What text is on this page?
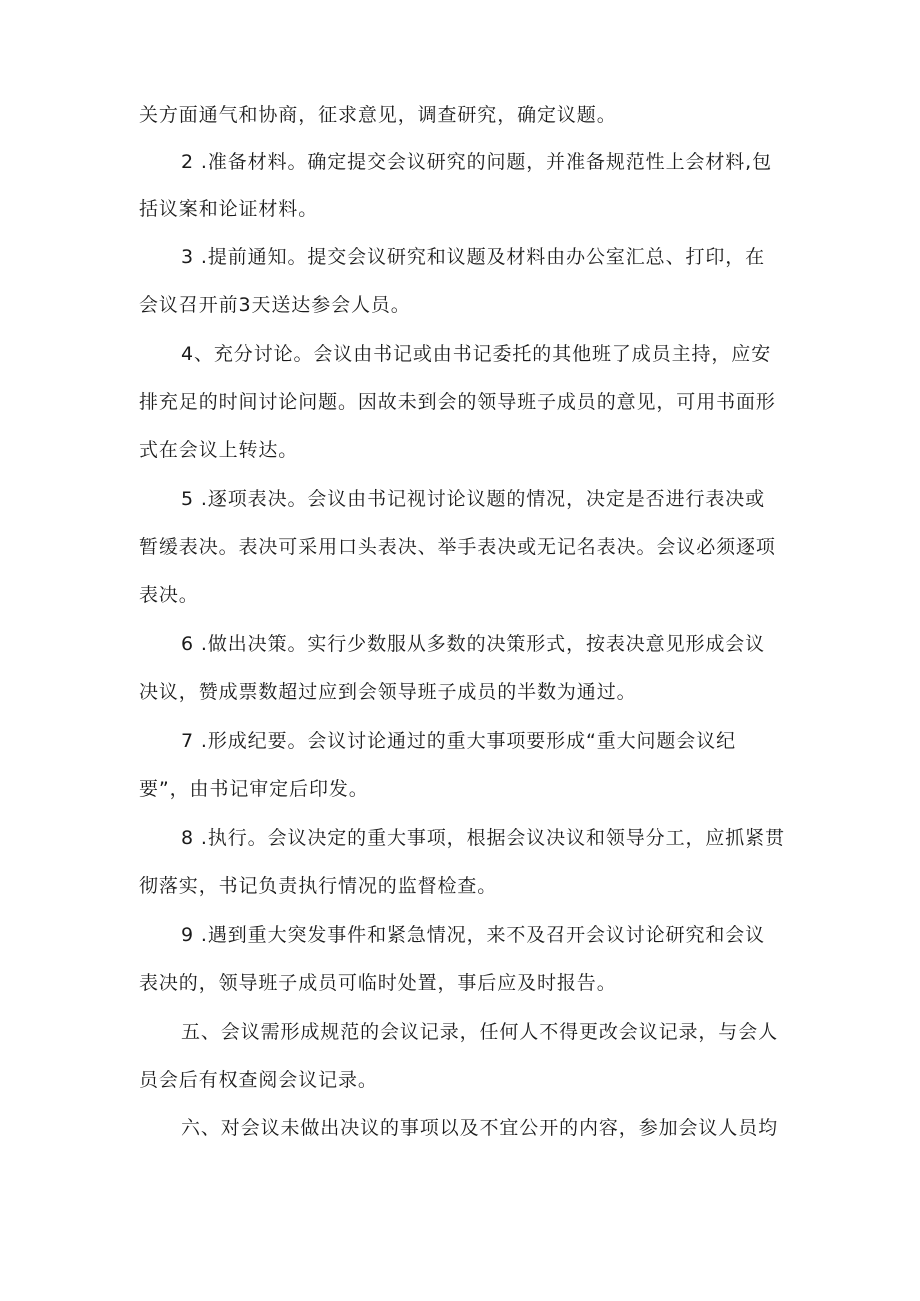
关方面通气和协商，征求意见，调查研究，确定议题。
2 .准备材料。确定提交会议研究的问题，并准备规范性上会材料,包
括议案和论证材料。
3 .提前通知。提交会议研究和议题及材料由办公室汇总、打印，在
会议召开前3天送达参会人员。
4、充分讨论。会议由书记或由书记委托的其他班了成员主持，应安
排充足的时间讨论问题。因故未到会的领导班子成员的意见，可用书面形
式在会议上转达。
5 .逐项表决。会议由书记视讨论议题的情况，决定是否进行表决或
暂缓表决。表决可采用口头表决、举手表决或无记名表决。会议必须逐项
表决。
6 .做出决策。实行少数服从多数的决策形式，按表决意见形成会议
决议，赞成票数超过应到会领导班子成员的半数为通过。
7 .形成纪要。会议讨论通过的重大事项要形成“重大问题会议纪
要”，由书记审定后印发。
8 .执行。会议决定的重大事项，根据会议决议和领导分工，应抓紧贯
彻落实，书记负责执行情况的监督检查。
9 .遇到重大突发事件和紧急情况，来不及召开会议讨论研究和会议
表决的，领导班子成员可临时处置，事后应及时报告。
五、会议需形成规范的会议记录，任何人不得更改会议记录，与会人
员会后有权查阅会议记录。
六、对会议未做出决议的事项以及不宜公开的内容，参加会议人员均
